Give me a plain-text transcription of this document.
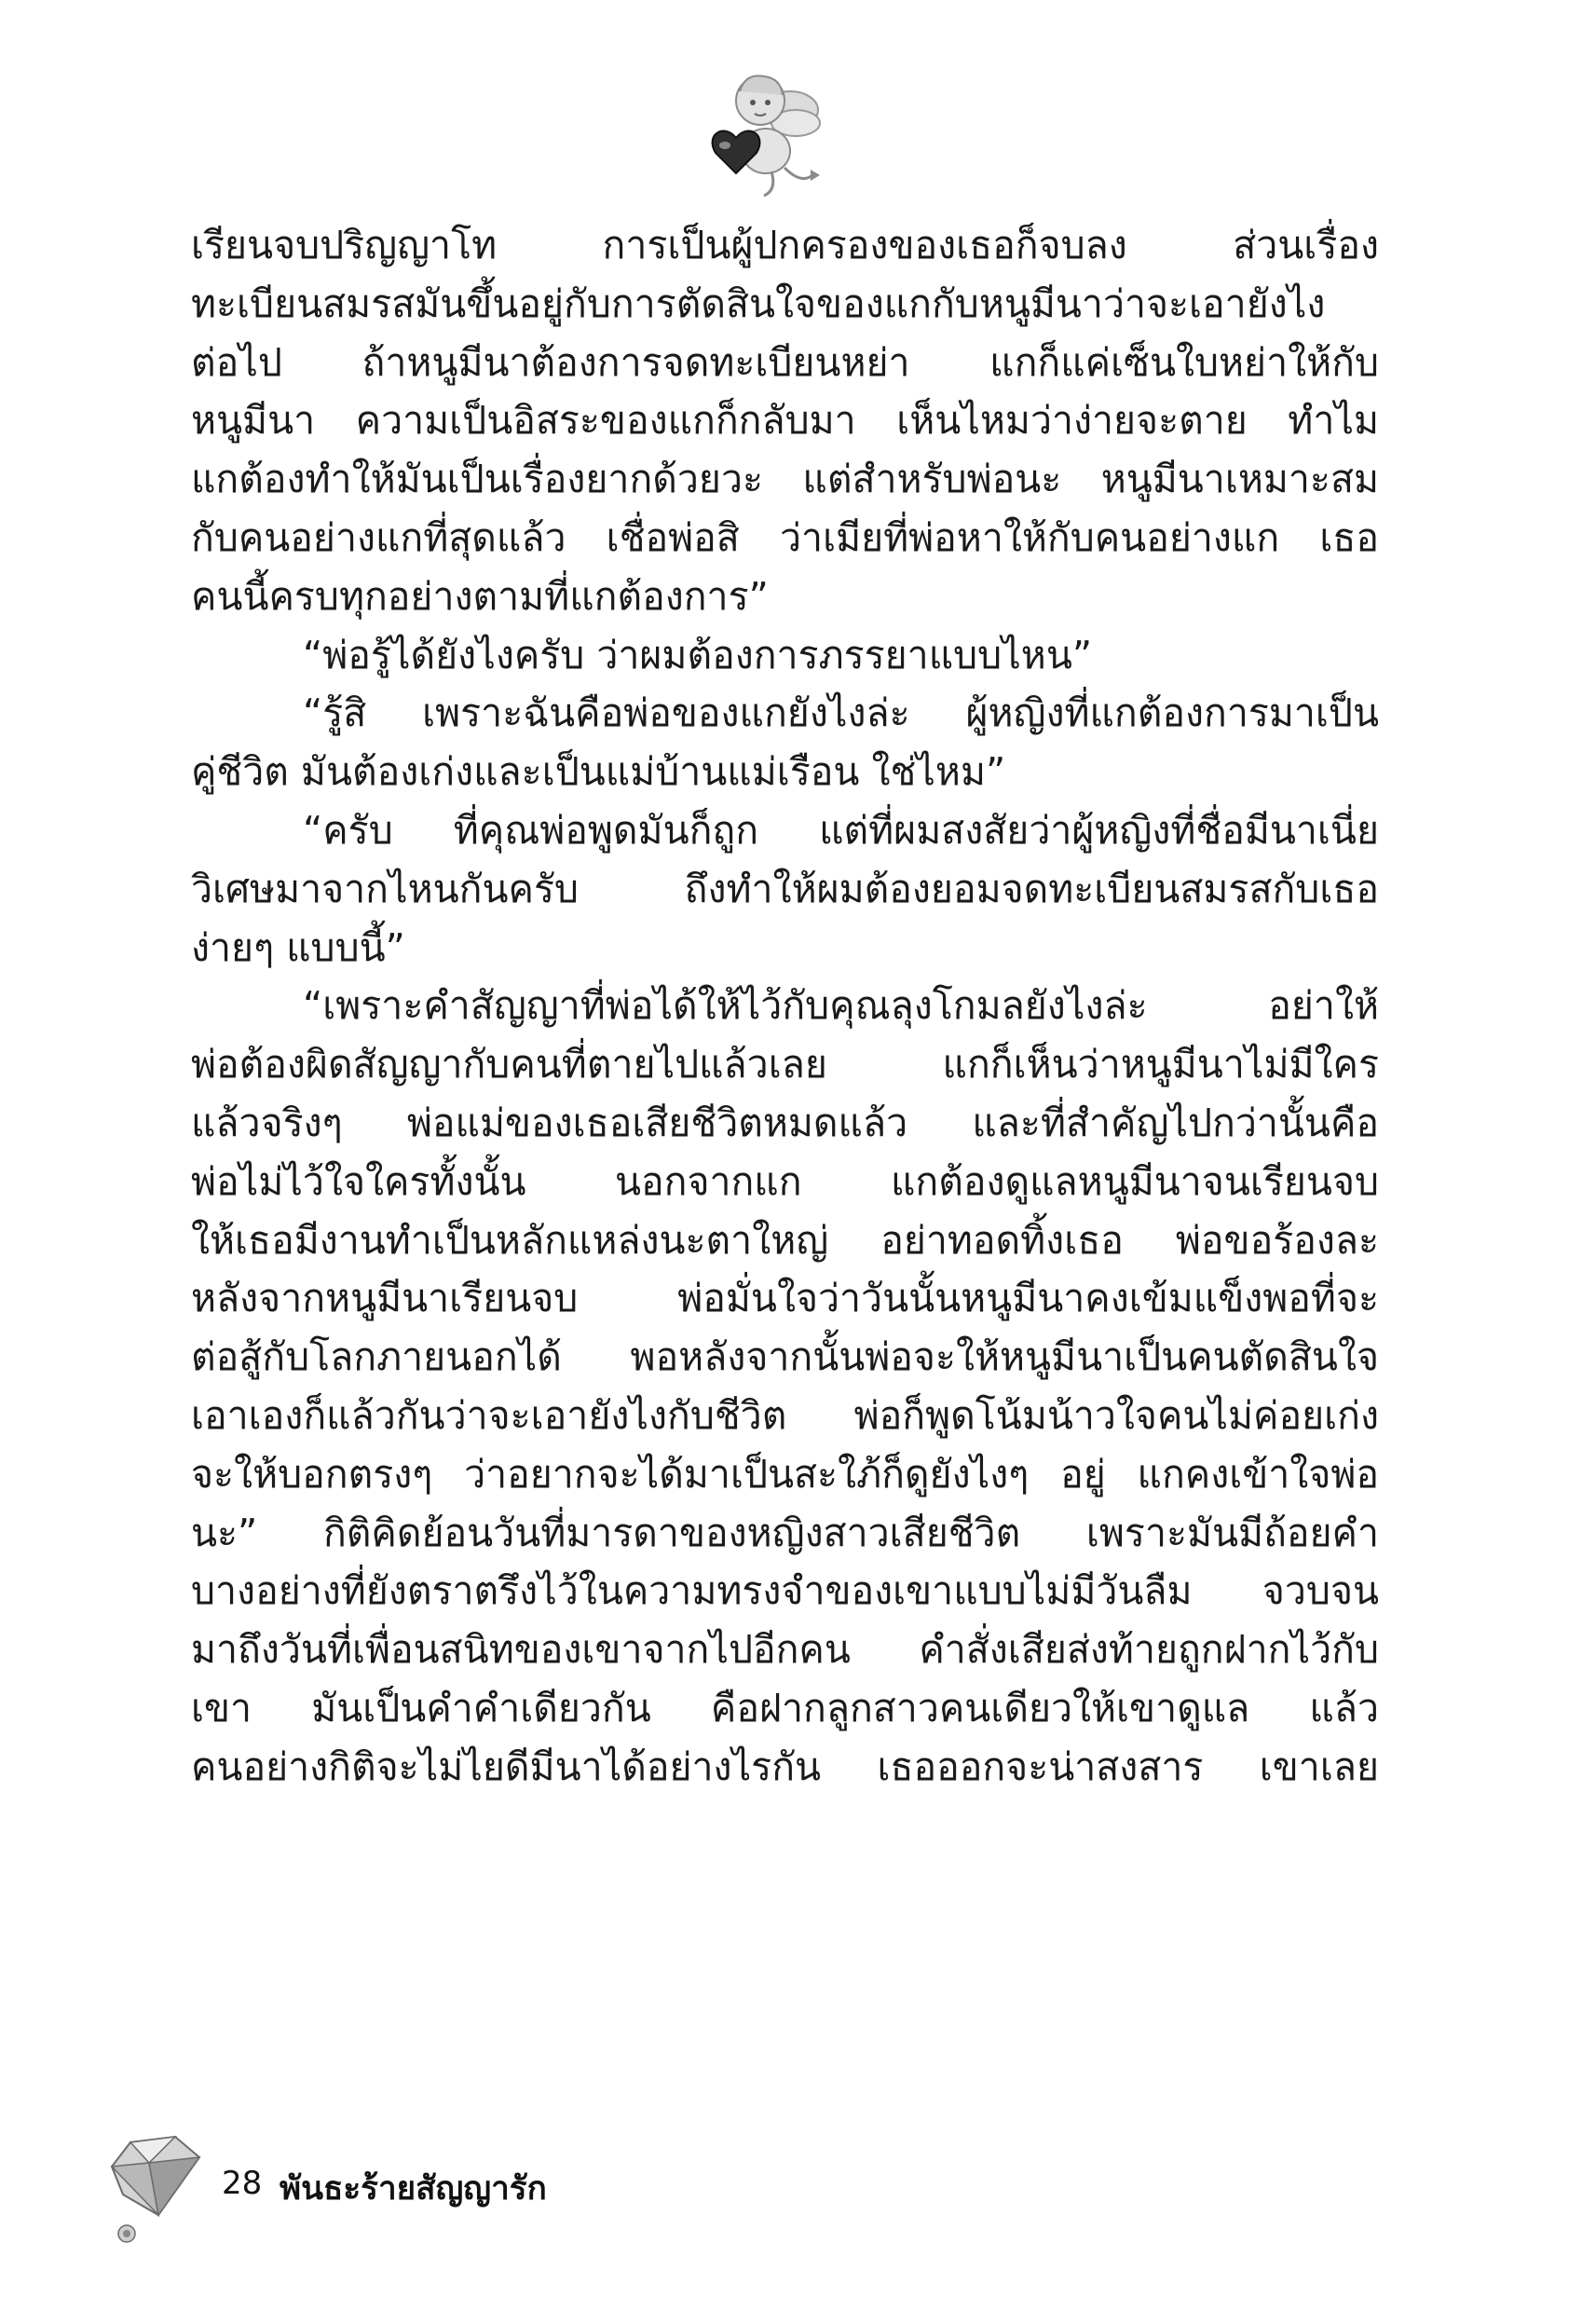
เรียนจบปริญญาโท การเป็นผู้ปกครองของเธอก็จบลง ส่วนเรื่อง
ทะเบียนสมรสมันขึ้นอยู่กับการตัดสินใจของแกกับหนูมีนาว่าจะเอายังไง
ต่อไป ถ้าหนูมีนาต้องการจดทะเบียนหย่า แกก็แค่เซ็นใบหย่าให้กับ
หนูมีนา ความเป็นอิสระของแกก็กลับมา เห็นไหมว่าง่ายจะตาย ทำไม
แกต้องทำให้มันเป็นเรื่องยากด้วยวะ แต่สำหรับพ่อนะ หนูมีนาเหมาะสม
กับคนอย่างแกที่สุดแล้ว เชื่อพ่อสิ ว่าเมียที่พ่อหาให้กับคนอย่างแก เธอ
คนนี้ครบทุกอย่างตามที่แกต้องการ”
“พ่อรู้ได้ยังไงครับ ว่าผมต้องการภรรยาแบบไหน”
“รู้สิ เพราะฉันคือพ่อของแกยังไงล่ะ ผู้หญิงที่แกต้องการมาเป็น
คู่ชีวิต มันต้องเก่งและเป็นแม่บ้านแม่เรือน ใช่ไหม”
“ครับ ที่คุณพ่อพูดมันก็ถูก แต่ที่ผมสงสัยว่าผู้หญิงที่ชื่อมีนาเนี่ย
วิเศษมาจากไหนกันครับ ถึงทำให้ผมต้องยอมจดทะเบียนสมรสกับเธอ
ง่ายๆ แบบนี้”
“เพราะคำสัญญาที่พ่อได้ให้ไว้กับคุณลุงโกมลยังไงล่ะ อย่าให้
พ่อต้องผิดสัญญากับคนที่ตายไปแล้วเลย แกก็เห็นว่าหนูมีนาไม่มีใคร
แล้วจริงๆ พ่อแม่ของเธอเสียชีวิตหมดแล้ว และที่สำคัญไปกว่านั้นคือ
พ่อไม่ไว้ใจใครทั้งนั้น นอกจากแก แกต้องดูแลหนูมีนาจนเรียนจบ
ให้เธอมีงานทำเป็นหลักแหล่งนะตาใหญ่ อย่าทอดทิ้งเธอ พ่อขอร้องละ
หลังจากหนูมีนาเรียนจบ พ่อมั่นใจว่าวันนั้นหนูมีนาคงเข้มแข็งพอที่จะ
ต่อสู้กับโลกภายนอกได้ พอหลังจากนั้นพ่อจะให้หนูมีนาเป็นคนตัดสินใจ
เอาเองก็แล้วกันว่าจะเอายังไงกับชีวิต พ่อก็พูดโน้มน้าวใจคนไม่ค่อยเก่ง
จะให้บอกตรงๆ ว่าอยากจะได้มาเป็นสะใภ้ก็ดูยังไงๆ อยู่ แกคงเข้าใจพ่อ
นะ” กิติคิดย้อนวันที่มารดาของหญิงสาวเสียชีวิต เพราะมันมีถ้อยคำ
บางอย่างที่ยังตราตรึงไว้ในความทรงจำของเขาแบบไม่มีวันลืม จวบจน
มาถึงวันที่เพื่อนสนิทของเขาจากไปอีกคน คำสั่งเสียส่งท้ายถูกฝากไว้กับ
เขา มันเป็นคำคำเดียวกัน คือฝากลูกสาวคนเดียวให้เขาดูแล แล้ว
คนอย่างกิติจะไม่ไยดีมีนาได้อย่างไรกัน เธอออกจะน่าสงสาร เขาเลย
28 พันธะร้ายสัญญารัก
